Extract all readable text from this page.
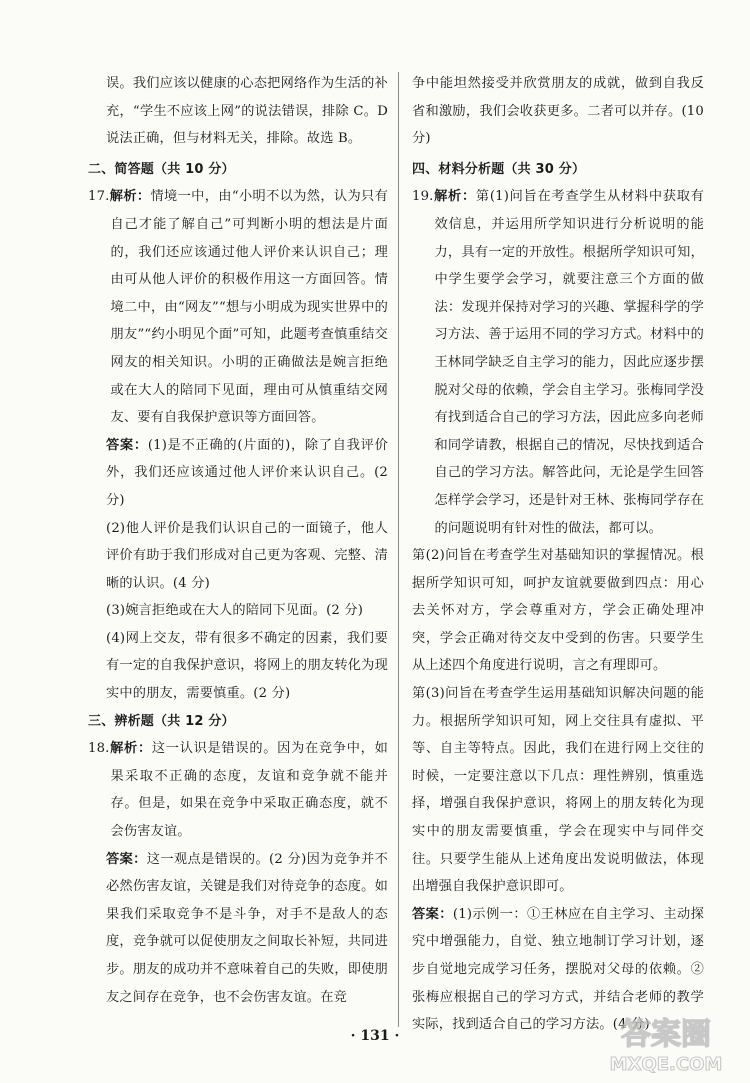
误。我们应该以健康的心态把网络作为生活的补充，“学生不应该上网”的说法错误，排除 C。D 说法正确，但与材料无关，排除。故选 B。

二、简答题（共 10 分）

17.解析：情境一中，由“小明不以为然，认为只有自己才能了解自己”可判断小明的想法是片面的，我们还应该通过他人评价来认识自己；理由可从他人评价的积极作用这一方面回答。情境二中，由“网友”“想与小明成为现实世界中的朋友”“约小明见个面”可知，此题考查慎重结交网友的相关知识。小明的正确做法是婉言拒绝或在大人的陪同下见面，理由可从慎重结交网友、要有自我保护意识等方面回答。

答案：(1)是不正确的(片面的)，除了自我评价外，我们还应该通过他人评价来认识自己。(2分)

(2)他人评价是我们认识自己的一面镜子，他人评价有助于我们形成对自己更为客观、完整、清晰的认识。(4 分)

(3)婉言拒绝或在大人的陪同下见面。(2 分)

(4)网上交友，带有很多不确定的因素，我们要有一定的自我保护意识，将网上的朋友转化为现实中的朋友，需要慎重。(2 分)

三、辨析题（共 12 分）

18.解析：这一认识是错误的。因为在竞争中，如果采取不正确的态度，友谊和竞争就不能并存。但是，如果在竞争中采取正确态度，就不会伤害友谊。

答案：这一观点是错误的。(2 分)因为竞争并不必然伤害友谊，关键是我们对待竞争的态度。如果我们采取竞争不是斗争，对手不是敌人的态度，竞争就可以促使朋友之间取长补短，共同进步。朋友的成功并不意味着自己的失败，即使朋友之间存在竞争，也不会伤害友谊。在竞

争中能坦然接受并欣赏朋友的成就，做到自我反省和激励，我们会收获更多。二者可以并存。(10 分)

四、材料分析题（共 30 分）

19.解析：第(1)问旨在考查学生从材料中获取有效信息，并运用所学知识进行分析说明的能力，具有一定的开放性。根据所学知识可知，中学生要学会学习，就要注意三个方面的做法：发现并保持对学习的兴趣、掌握科学的学习方法、善于运用不同的学习方式。材料中的王林同学缺乏自主学习的能力，因此应逐步摆脱对父母的依赖，学会自主学习。张梅同学没有找到适合自己的学习方法，因此应多向老师和同学请教，根据自己的情况，尽快找到适合自己的学习方法。解答此问，无论是学生回答怎样学会学习，还是针对王林、张梅同学存在的问题说明有针对性的做法，都可以。

第(2)问旨在考查学生对基础知识的掌握情况。根据所学知识可知，呵护友谊就要做到四点：用心去关怀对方，学会尊重对方，学会正确处理冲突，学会正确对待交友中受到的伤害。只要学生从上述四个角度进行说明，言之有理即可。

第(3)问旨在考查学生运用基础知识解决问题的能力。根据所学知识可知，网上交往具有虚拟、平等、自主等特点。因此，我们在进行网上交往的时候，一定要注意以下几点：理性辨别，慎重选择，增强自我保护意识，将网上的朋友转化为现实中的朋友需要慎重，学会在现实中与同伴交往。只要学生能从上述角度出发说明做法，体现出增强自我保护意识即可。

答案：(1)示例一：①王林应在自主学习、主动探究中增强能力，自觉、独立地制订学习计划，逐步自觉地完成学习任务，摆脱对父母的依赖。②张梅应根据自己的学习方式，并结合老师的教学实际，找到适合自己的学习方法。(4 分)

· 131 ·	答案圈
MXQE.COM
